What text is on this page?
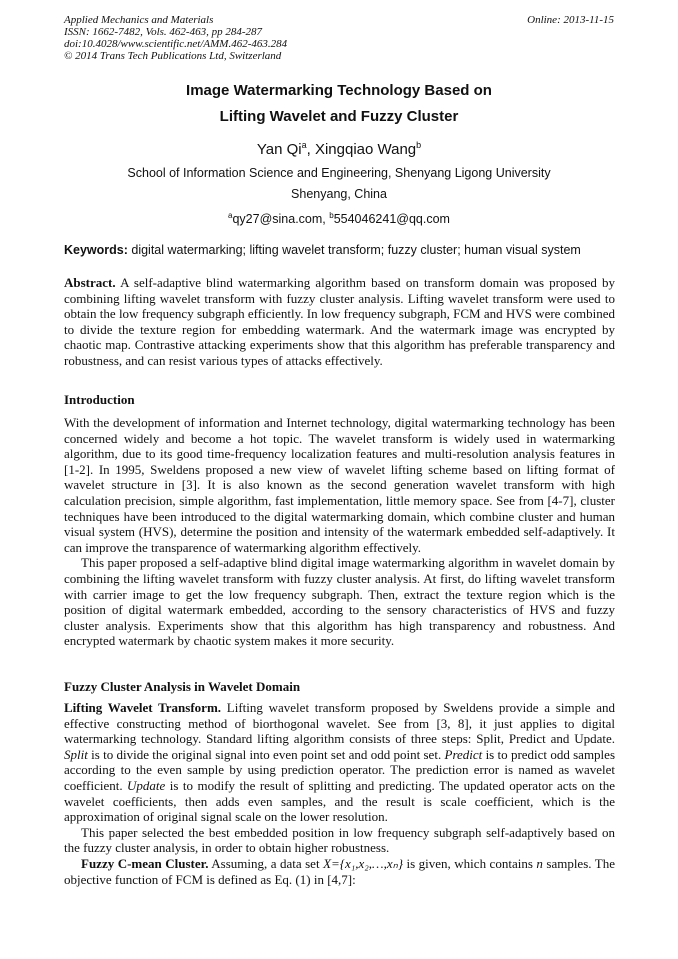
Applied Mechanics and Materials
ISSN: 1662-7482, Vols. 462-463, pp 284-287
doi:10.4028/www.scientific.net/AMM.462-463.284
© 2014 Trans Tech Publications Ltd, Switzerland
Online: 2013-11-15
Image Watermarking Technology Based on
Lifting Wavelet and Fuzzy Cluster
Yan Qi$^a$, Xingqiao Wang$^b$
School of Information Science and Engineering, Shenyang Ligong University
Shenyang, China
$^a$qy27@sina.com, $^b$554046241@qq.com
Keywords: digital watermarking; lifting wavelet transform; fuzzy cluster; human visual system

Abstract. A self-adaptive blind watermarking algorithm based on transform domain was proposed by combining lifting wavelet transform with fuzzy cluster analysis. Lifting wavelet transform were used to obtain the low frequency subgraph efficiently. In low frequency subgraph, FCM and HVS were combined to divide the texture region for embedding watermark. And the watermark image was encrypted by chaotic map. Contrastive attacking experiments show that this algorithm has preferable transparency and robustness, and can resist various types of attacks effectively.

Introduction

With the development of information and Internet technology, digital watermarking technology has been concerned widely and become a hot topic. The wavelet transform is widely used in watermarking algorithm, due to its good time-frequency localization features and multi-resolution analysis features in [1-2]. In 1995, Sweldens proposed a new view of wavelet lifting scheme based on lifting format of wavelet structure in [3]. It is also known as the second generation wavelet transform with high calculation precision, simple algorithm, fast implementation, little memory space. See from [4-7], cluster techniques have been introduced to the digital watermarking domain, which combine cluster and human visual system (HVS), determine the position and intensity of the watermark embedded self-adaptively. It can improve the transparence of watermarking algorithm effectively.

This paper proposed a self-adaptive blind digital image watermarking algorithm in wavelet domain by combining the lifting wavelet transform with fuzzy cluster analysis. At first, do lifting wavelet transform with carrier image to get the low frequency subgraph. Then, extract the texture region which is the position of digital watermark embedded, according to the sensory characteristics of HVS and fuzzy cluster analysis. Experiments show that this algorithm has high transparency and robustness. And encrypted watermark by chaotic system makes it more security.

Fuzzy Cluster Analysis in Wavelet Domain

Lifting Wavelet Transform. Lifting wavelet transform proposed by Sweldens provide a simple and effective constructing method of biorthogonal wavelet. See from [3, 8], it just applies to digital watermarking technology. Standard lifting algorithm consists of three steps: Split, Predict and Update. Split is to divide the original signal into even point set and odd point set. Predict is to predict odd samples according to the even sample by using prediction operator. The prediction error is named as wavelet coefficient. Update is to modify the result of splitting and predicting. The updated operator acts on the wavelet coefficients, then adds even samples, and the result is scale coefficient, which is the approximation of original signal scale on the lower resolution.

This paper selected the best embedded position in low frequency subgraph self-adaptively based on the fuzzy cluster analysis, in order to obtain higher robustness.

Fuzzy C-mean Cluster. Assuming, a data set X={x₁,x₂,…,xₙ} is given, which contains n samples. The objective function of FCM is defined as Eq. (1) in [4,7]:
